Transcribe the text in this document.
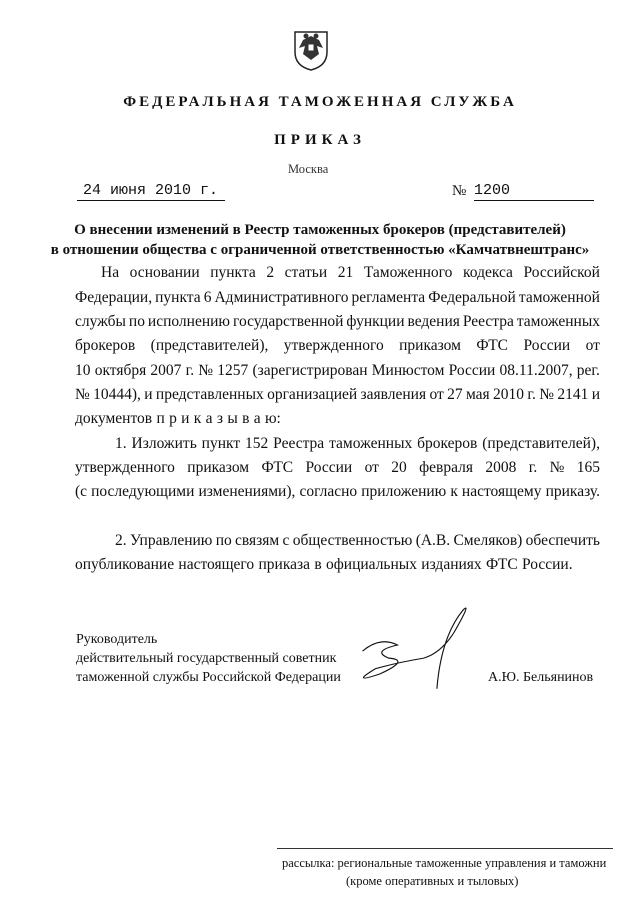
ФЕДЕРАЛЬНАЯ ТАМОЖЕННАЯ СЛУЖБА
ПРИКАЗ
Москва
24 июня 2010 г.	№ 1200
О внесении изменений в Реестр таможенных брокеров (представителей)
в отношении общества с ограниченной ответственностью «Камчатвнештранс»
На основании пункта 2 статьи 21 Таможенного кодекса Российской
Федерации, пункта 6 Административного регламента Федеральной таможенной
службы по исполнению государственной функции ведения Реестра таможенных
брокеров (представителей), утвержденного приказом ФТС России от
10 октября 2007 г. № 1257 (зарегистрирован Минюстом России 08.11.2007, рег.
№ 10444), и представленных организацией заявления от 27 мая 2010 г. № 2141 и
документов п р и к а з ы в а ю:
1. Изложить пункт 152 Реестра таможенных брокеров (представителей),
утвержденного приказом ФТС России от 20 февраля 2008 г. № 165
(с последующими изменениями), согласно приложению к настоящему приказу.
2. Управлению по связям с общественностью (А.В. Смеляков) обеспечить
опубликование настоящего приказа в официальных изданиях ФТС России.
Руководитель
действительный государственный советник
таможенной службы Российской Федерации	А.Ю. Бельянинов
рассылка: региональные таможенные управления и таможни
(кроме оперативных и тыловых)
